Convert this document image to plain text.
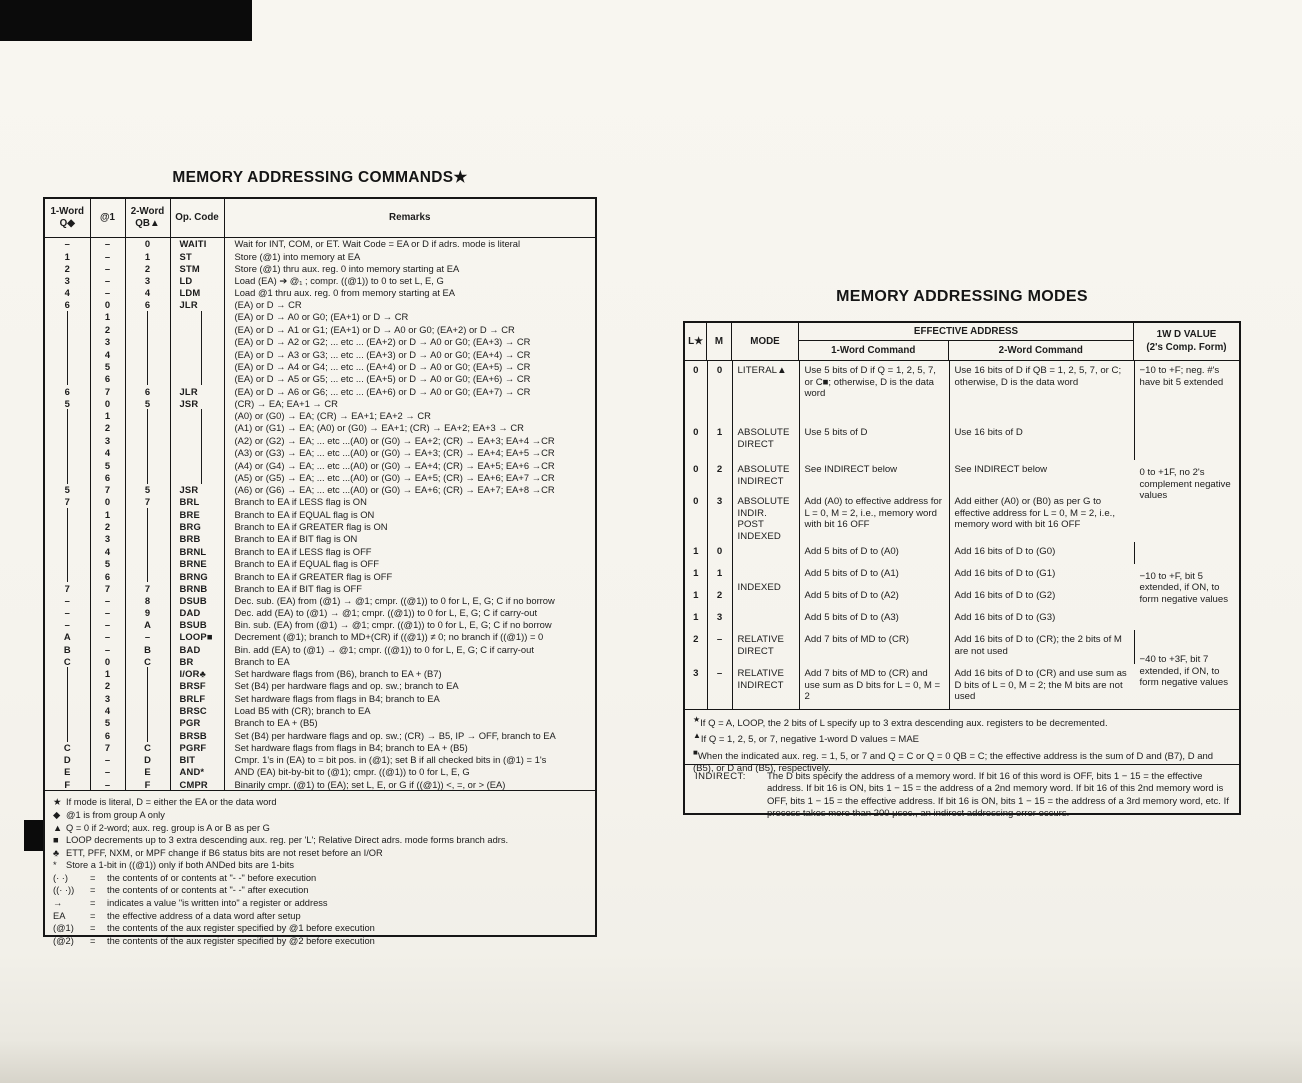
MEMORY ADDRESSING COMMANDS★
1-Word
Q◆	@1	2-Word
QB▲	Op. Code	Remarks
–	–	0	WAITI	Wait for INT, COM, or ET. Wait Code = EA or D if adrs. mode is literal
1	–	1	ST	Store (@1) into memory at EA
2	–	2	STM	Store (@1) thru aux. reg. 0 into memory starting at EA
3	–	3	LD	Load (EA) ➔ @₁ ; compr. ((@1)) to 0 to set L, E, G
4	–	4	LDM	Load @1 thru aux. reg. 0 from memory starting at EA
6	0	6	JLR	(EA) or D → CR

	1			(EA) or D → A0 or G0; (EA+1) or D → CR

	2			(EA) or D → A1 or G1; (EA+1) or D → A0 or G0; (EA+2) or D → CR

	3			(EA) or D → A2 or G2; ... etc ... (EA+2) or D → A0 or G0; (EA+3) → CR

	4			(EA) or D → A3 or G3; ... etc ... (EA+3) or D → A0 or G0; (EA+4) → CR

	5			(EA) or D → A4 or G4; ... etc ... (EA+4) or D → A0 or G0; (EA+5) → CR

	6			(EA) or D → A5 or G5; ... etc ... (EA+5) or D → A0 or G0; (EA+6) → CR
6	7	6	JLR	(EA) or D → A6 or G6; ... etc ... (EA+6) or D → A0 or G0; (EA+7) → CR
5	0	5	JSR	(CR) → EA; EA+1 → CR

	1			(A0) or (G0) → EA; (CR) → EA+1; EA+2 → CR

	2			(A1) or (G1) → EA; (A0) or (G0) → EA+1; (CR) → EA+2; EA+3 → CR

	3			(A2) or (G2) → EA; ... etc ...(A0) or (G0) → EA+2; (CR) → EA+3; EA+4 →CR

	4			(A3) or (G3) → EA; ... etc ...(A0) or (G0) → EA+3; (CR) → EA+4; EA+5 →CR

	5			(A4) or (G4) → EA; ... etc ...(A0) or (G0) → EA+4; (CR) → EA+5; EA+6 →CR

	6			(A5) or (G5) → EA; ... etc ...(A0) or (G0) → EA+5; (CR) → EA+6; EA+7 →CR
5	7	5	JSR	(A6) or (G6) → EA; ... etc ...(A0) or (G0) → EA+6; (CR) → EA+7; EA+8 →CR
7	0	7	BRL	Branch to EA if LESS flag is ON

	1		BRE	Branch to EA if EQUAL flag is ON

	2		BRG	Branch to EA if GREATER flag is ON

	3		BRB	Branch to EA if BIT flag is ON

	4		BRNL	Branch to EA if LESS flag is OFF

	5		BRNE	Branch to EA if EQUAL flag is OFF

	6		BRNG	Branch to EA if GREATER flag is OFF
7	7	7	BRNB	Branch to EA if BIT flag is OFF
–	–	8	DSUB	Dec. sub. (EA) from (@1) → @1; cmpr. ((@1)) to 0 for L, E, G; C if no borrow
–	–	9	DAD	Dec. add (EA) to (@1) → @1; cmpr. ((@1)) to 0 for L, E, G; C if carry-out
–	–	A	BSUB	Bin. sub. (EA) from (@1) → @1; cmpr. ((@1)) to 0 for L, E, G; C if no borrow
A	–	–	LOOP■	Decrement (@1); branch to MD+(CR) if ((@1)) ≠ 0; no branch if ((@1)) = 0
B	–	B	BAD	Bin. add (EA) to (@1) → @1; cmpr. ((@1)) to 0 for L, E, G; C if carry-out
C	0	C	BR	Branch to EA

	1		I/OR♣	Set hardware flags from (B6), branch to EA + (B7)

	2		BRSF	Set (B4) per hardware flags and op. sw.; branch to EA

	3		BRLF	Set hardware flags from flags in B4; branch to EA

	4		BRSC	Load B5 with (CR); branch to EA

	5		PGR	Branch to EA + (B5)

	6		BRSB	Set (B4) per hardware flags and op. sw.; (CR) → B5, IP → OFF, branch to EA
C	7	C	PGRF	Set hardware flags from flags in B4; branch to EA + (B5)
D	–	D	BIT	Cmpr. 1's in (EA) to = bit pos. in (@1); set B if all checked bits in (@1) = 1's
E	–	E	AND*	AND (EA) bit-by-bit to (@1); cmpr. ((@1)) to 0 for L, E, G
F	–	F	CMPR	Binarily cmpr. (@1) to (EA); set L, E, or G if ((@1)) <, =, or > (EA)
★ If mode is literal, D = either the EA or the data word
◆ @1 is from group A only
▲ Q = 0 if 2-word; aux. reg. group is A or B as per G
■ LOOP decrements up to 3 extra descending aux. reg. per 'L'; Relative Direct adrs. mode forms branch adrs.
♣ ETT, PFF, NXM, or MPF change if B6 status bits are not reset before an I/OR
*	Store a 1-bit in ((@1)) only if both ANDed bits are 1-bits
(· ·)	=	the contents of or contents at "- -" before execution
((· ·))	=	the contents of or contents at "- -" after execution
→	=	indicates a value "is written into" a register or address
EA	=	the effective address of a data word after setup
(@1)	=	the contents of the aux register specified by @1 before execution
(@2)	=	the contents of the aux register specified by @2 before execution
MEMORY ADDRESSING MODES
L★	M	MODE
EFFECTIVE ADDRESS
1-Word Command	2-Word Command
1W D VALUE
(2's Comp. Form)
0	0	LITERAL▲	Use 5 bits of D if Q = 1, 2, 5, 7, or C■; otherwise, D is the data word	Use 16 bits of D if QB = 1, 2, 5, 7, or C; otherwise, D is the data word	−10 to +F; neg. #'s have bit 5 extended
0	1	ABSOLUTE DIRECT	Use 5 bits of D	Use 16 bits of D	0 to +1F, no 2's complement negative values
0	2	ABSOLUTE INDIRECT	See INDIRECT below	See INDIRECT below	
0	3	ABSOLUTE INDIR. POST INDEXED	Add (A0) to effective address for L = 0, M = 2, i.e., memory word with bit 16 OFF	Add either (A0) or (B0) as per G to effective address for L = 0, M = 2, i.e., memory word with bit 16 OFF	
1	0	INDEXED	Add 5 bits of D to (A0)	Add 16 bits of D to (G0)	−10 to +F, bit 5 extended, if ON, to form negative values
1	1		Add 5 bits of D to (A1)	Add 16 bits of D to (G1)	
1	2		Add 5 bits of D to (A2)	Add 16 bits of D to (G2)	
1	3		Add 5 bits of D to (A3)	Add 16 bits of D to (G3)	
2	–	RELATIVE DIRECT	Add 7 bits of MD to (CR)	Add 16 bits of D to (CR); the 2 bits of M are not used	−40 to +3F, bit 7 extended, if ON, to form negative values
3	–	RELATIVE INDIRECT	Add 7 bits of MD to (CR) and use sum as D bits for L = 0, M = 2	Add 16 bits of D to (CR) and use sum as D bits of L = 0, M = 2; the M bits are not used	
★If Q = A, LOOP, the 2 bits of L specify up to 3 extra descending aux. registers to be decremented.
▲If Q = 1, 2, 5, or 7, negative 1-word D values = MAE
■When the indicated aux. reg. = 1, 5, or 7 and Q = C or Q = 0 QB = C; the effective address is the sum of D and (B7), D and (B5), or D and (B5), respectively.
INDIRECT:	The D bits specify the address of a memory word. If bit 16 of this word is OFF, bits 1 − 15 = the effective address. If bit 16 is ON, bits 1 − 15 = the address of a 2nd memory word. If bit 16 of this 2nd memory word is OFF, bits 1 − 15 = the effective address. If bit 16 is ON, bits 1 − 15 = the address of a 3rd memory word, etc. If process takes more than 200 μsec., an indirect addressing error occurs.
